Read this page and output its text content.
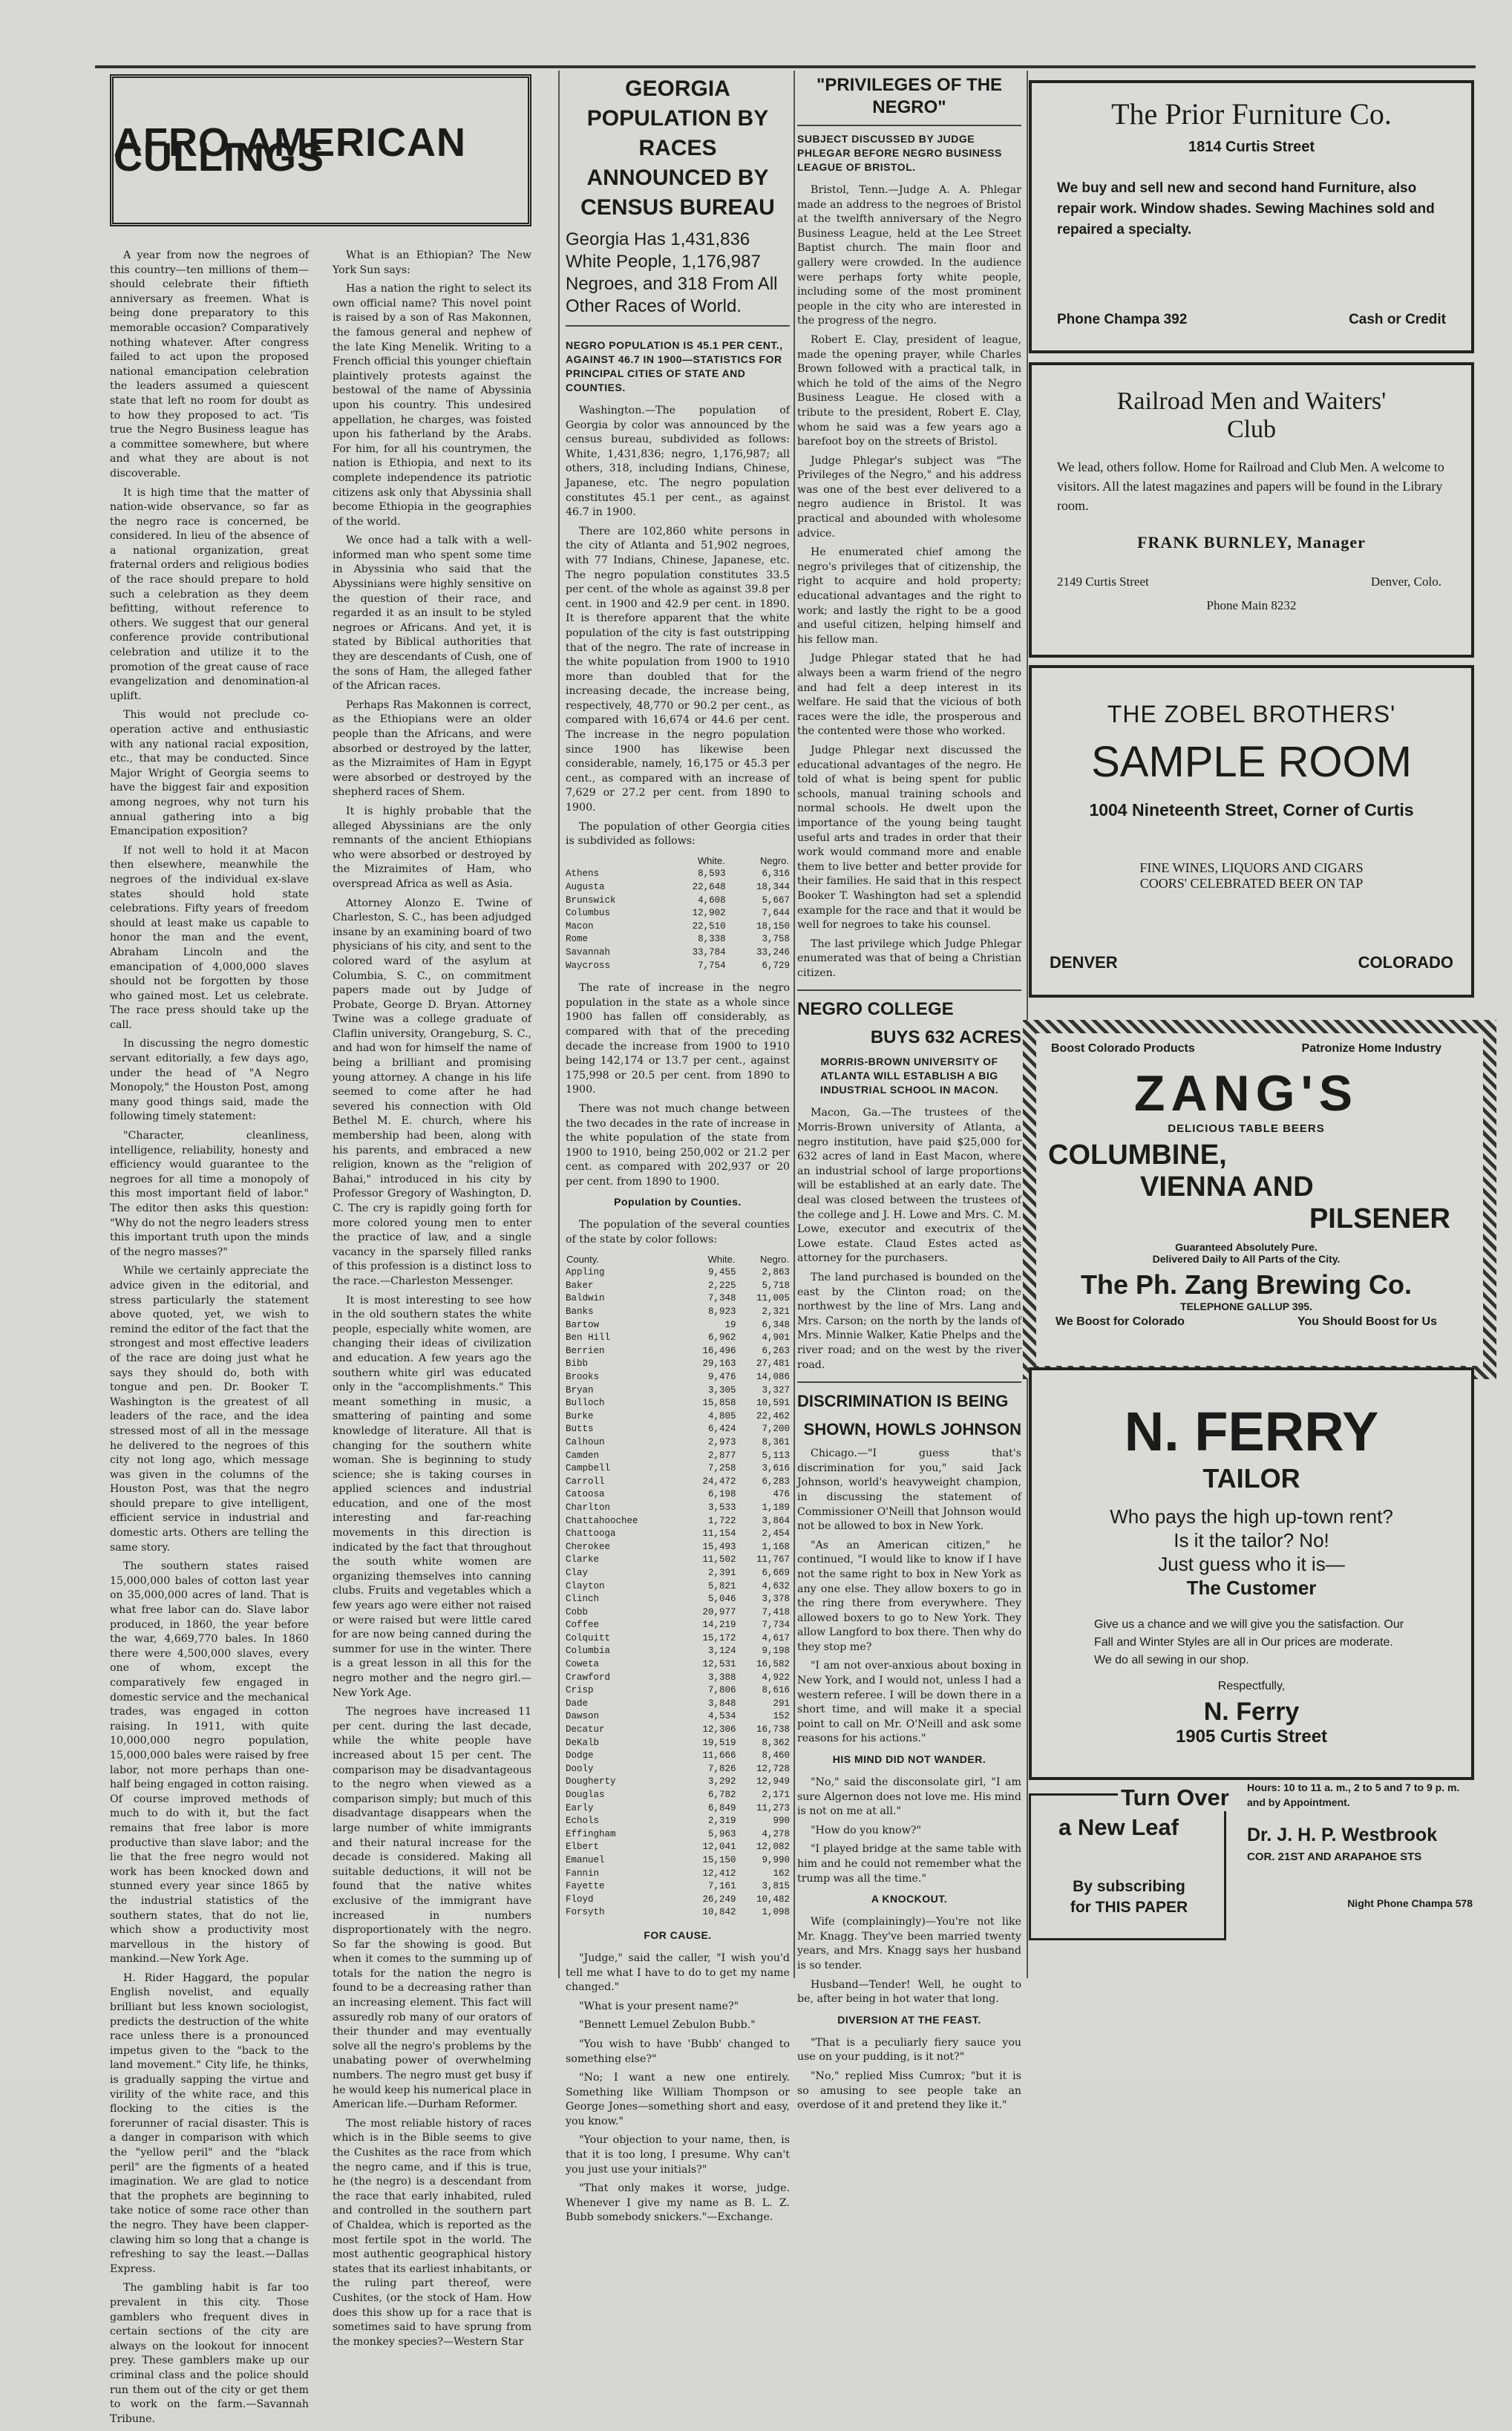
AFRO-AMERICAN CULLINGS

A year from now the negroes of this country—ten millions of them—should celebrate their fiftieth anniversary as freemen. What is being done preparatory to this memorable occasion? Comparatively nothing whatever. After congress failed to act upon the proposed national emancipation celebration the leaders assumed a quiescent state that left no room for doubt as to how they proposed to act. 'Tis true the Negro Business league has a committee somewhere, but where and what they are about is not discoverable.

It is high time that the matter of nation-wide observance, so far as the negro race is concerned, be considered. In lieu of the absence of a national organization, great fraternal orders and religious bodies of the race should prepare to hold such a celebration as they deem befitting, without reference to others. We suggest that our general conference provide contributional celebration and utilize it to the promotion of the great cause of race evangelization and denomination-al uplift.

This would not preclude co-operation active and enthusiastic with any national racial exposition, etc., that may be conducted. Since Major Wright of Georgia seems to have the biggest fair and exposition among negroes, why not turn his annual gathering into a big Emancipation exposition?

If not well to hold it at Macon then elsewhere, meanwhile the negroes of the individual ex-slave states should hold state celebrations. Fifty years of freedom should at least make us capable to honor the man and the event, Abraham Lincoln and the emancipation of 4,000,000 slaves should not be forgotten by those who gained most. Let us celebrate. The race press should take up the call.

In discussing the negro domestic servant editorially, a few days ago, under the head of "A Negro Monopoly," the Houston Post, among many good things said, made the following timely statement:

"Character, cleanliness, intelligence, reliability, honesty and efficiency would guarantee to the negroes for all time a monopoly of this most important field of labor." The editor then asks this question: "Why do not the negro leaders stress this important truth upon the minds of the negro masses?"

While we certainly appreciate the advice given in the editorial, and stress particularly the statement above quoted, yet, we wish to remind the editor of the fact that the strongest and most effective leaders of the race are doing just what he says they should do, both with tongue and pen. Dr. Booker T. Washington is the greatest of all leaders of the race, and the idea stressed most of all in the message he delivered to the negroes of this city not long ago, which message was given in the columns of the Houston Post, was that the negro should prepare to give intelligent, efficient service in industrial and domestic arts. Others are telling the same story.

The southern states raised 15,000,000 bales of cotton last year on 35,000,000 acres of land. That is what free labor can do. Slave labor produced, in 1860, the year before the war, 4,669,770 bales. In 1860 there were 4,500,000 slaves, every one of whom, except the comparatively few engaged in domestic service and the mechanical trades, was engaged in cotton raising. In 1911, with quite 10,000,000 negro population, 15,000,000 bales were raised by free labor, not more perhaps than one-half being engaged in cotton raising. Of course improved methods of much to do with it, but the fact remains that free labor is more productive than slave labor; and the lie that the free negro would not work has been knocked down and stunned every year since 1865 by the industrial statistics of the southern states, that do not lie, which show a productivity most marvellous in the history of mankind.—New York Age.

H. Rider Haggard, the popular English novelist, and equally brilliant but less known sociologist, predicts the destruction of the white race unless there is a pronounced impetus given to the "back to the land movement." City life, he thinks, is gradually sapping the virtue and virility of the white race, and this flocking to the cities is the forerunner of racial disaster. This is a danger in comparison with which the "yellow peril" and the "black peril" are the figments of a heated imagination. We are glad to notice that the prophets are beginning to take notice of some race other than the negro. They have been clapper-clawing him so long that a change is refreshing to say the least.—Dallas Express.

The gambling habit is far too prevalent in this city. Those gamblers who frequent dives in certain sections of the city are always on the lookout for innocent prey. These gamblers make up our criminal class and the police should run them out of the city or get them to work on the farm.—Savannah Tribune.

What is an Ethiopian? The New York Sun says:

Has a nation the right to select its own official name? This novel point is raised by a son of Ras Makonnen, the famous general and nephew of the late King Menelik. Writing to a French official this younger chieftain plaintively protests against the bestowal of the name of Abyssinia upon his country. This undesired appellation, he charges, was foisted upon his fatherland by the Arabs. For him, for all his countrymen, the nation is Ethiopia, and next to its complete independence its patriotic citizens ask only that Abyssinia shall become Ethiopia in the geographies of the world.

We once had a talk with a well-informed man who spent some time in Abyssinia who said that the Abyssinians were highly sensitive on the question of their race, and regarded it as an insult to be styled negroes or Africans. And yet, it is stated by Biblical authorities that they are descendants of Cush, one of the sons of Ham, the alleged father of the African races.

Perhaps Ras Makonnen is correct, as the Ethiopians were an older people than the Africans, and were absorbed or destroyed by the latter, as the Mizraimites of Ham in Egypt were absorbed or destroyed by the shepherd races of Shem.

It is highly probable that the alleged Abyssinians are the only remnants of the ancient Ethiopians who were absorbed or destroyed by the Mizraimites of Ham, who overspread Africa as well as Asia.

Attorney Alonzo E. Twine of Charleston, S. C., has been adjudged insane by an examining board of two physicians of his city, and sent to the colored ward of the asylum at Columbia, S. C., on commitment papers made out by Judge of Probate, George D. Bryan. Attorney Twine was a college graduate of Claflin university, Orangeburg, S. C., and had won for himself the name of being a brilliant and promising young attorney. A change in his life seemed to come after he had severed his connection with Old Bethel M. E. church, where his membership had been, along with his parents, and embraced a new religion, known as the "religion of Bahai," introduced in his city by Professor Gregory of Washington, D. C. The cry is rapidly going forth for more colored young men to enter the practice of law, and a single vacancy in the sparsely filled ranks of this profession is a distinct loss to the race.—Charleston Messenger.

It is most interesting to see how in the old southern states the white people, especially white women, are changing their ideas of civilization and education. A few years ago the southern white girl was educated only in the "accomplishments." This meant something in music, a smattering of painting and some knowledge of literature. All that is changing for the southern white woman. She is beginning to study science; she is taking courses in applied sciences and industrial education, and one of the most interesting and far-reaching movements in this direction is indicated by the fact that throughout the south white women are organizing themselves into canning clubs. Fruits and vegetables which a few years ago were either not raised or were raised but were little cared for are now being canned during the summer for use in the winter. There is a great lesson in all this for the negro mother and the negro girl.—New York Age.

The negroes have increased 11 per cent. during the last decade, while the white people have increased about 15 per cent. The comparison may be disadvantageous to the negro when viewed as a comparison simply; but much of this disadvantage disappears when the large number of white immigrants and their natural increase for the decade is considered. Making all suitable deductions, it will not be found that the native whites exclusive of the immigrant have increased in numbers disproportionately with the negro. So far the showing is good. But when it comes to the summing up of totals for the nation the negro is found to be a decreasing rather than an increasing element. This fact will assuredly rob many of our orators of their thunder and may eventually solve all the negro's problems by the unabating power of overwhelming numbers. The negro must get busy if he would keep his numerical place in American life.—Durham Reformer.

The most reliable history of races which is in the Bible seems to give the Cushites as the race from which the negro came, and if this is true, he (the negro) is a descendant from the race that early inhabited, ruled and controlled in the southern part of Chaldea, which is reported as the most fertile spot in the world. The most authentic geographical history states that its earliest inhabitants, or the ruling part thereof, were Cushites, (or the stock of Ham. How does this show up for a race that is sometimes said to have sprung from the monkey species?—Western Star

GEORGIA POPULATION BY RACES ANNOUNCED BY CENSUS BUREAU
Georgia Has 1,431,836 White People, 1,176,987 Negroes, and 318 From All Other Races of World.
NEGRO POPULATION IS 45.1 PER CENT., AGAINST 46.7 IN 1900—STATISTICS FOR PRINCIPAL CITIES OF STATE AND COUNTIES.

Washington.—The population of Georgia by color was announced by the census bureau, subdivided as follows: White, 1,431,836; negro, 1,176,987; all others, 318, including Indians, Chinese, Japanese, etc. The negro population constitutes 45.1 per cent., as against 46.7 in 1900.

There are 102,860 white persons in the city of Atlanta and 51,902 negroes, with 77 Indians, Chinese, Japanese, etc. The negro population constitutes 33.5 per cent. of the whole as against 39.8 per cent. in 1900 and 42.9 per cent. in 1890. It is therefore apparent that the white population of the city is fast outstripping that of the negro. The rate of increase in the white population from 1900 to 1910 more than doubled that for the increasing decade, the increase being, respectively, 48,770 or 90.2 per cent., as compared with 16,674 or 44.6 per cent. The increase in the negro population since 1900 has likewise been considerable, namely, 16,175 or 45.3 per cent., as compared with an increase of 7,629 or 27.2 per cent. from 1890 to 1900.

The population of other Georgia cities is subdivided as follows:

	White.	Negro.
Athens	8,593	6,316
Augusta	22,648	18,344
Brunswick	4,608	5,667
Columbus	12,902	7,644
Macon	22,510	18,150
Rome	8,338	3,758
Savannah	33,784	33,246
Waycross	7,754	6,729

The rate of increase in the negro population in the state as a whole since 1900 has fallen off considerably, as compared with that of the preceding decade the increase from 1900 to 1910 being 142,174 or 13.7 per cent., against 175,998 or 20.5 per cent. from 1890 to 1900.

There was not much change between the two decades in the rate of increase in the white population of the state from 1900 to 1910, being 250,002 or 21.2 per cent. as compared with 202,937 or 20 per cent. from 1890 to 1900.

Population by Counties.

The population of the several counties of the state by color follows:

County.	White.	Negro.
Appling	9,455	2,863
Baker	2,225	5,718
Baldwin	7,348	11,005
Banks	8,923	2,321
Bartow	19	6,348
Ben Hill	6,962	4,901
Berrien	16,496	6,263
Bibb	29,163	27,481
Brooks	9,476	14,086
Bryan	3,305	3,327
Bulloch	15,858	10,591
Burke	4,805	22,462
Butts	6,424	7,200
Calhoun	2,973	8,361
Camden	2,877	5,113
Campbell	7,258	3,616
Carroll	24,472	6,283
Catoosa	6,198	476
Charlton	3,533	1,189
Chattahoochee	1,722	3,864
Chattooga	11,154	2,454
Cherokee	15,493	1,168
Clarke	11,502	11,767
Clay	2,391	6,669
Clayton	5,821	4,632
Clinch	5,046	3,378
Cobb	20,977	7,418
Coffee	14,219	7,734
Colquitt	15,172	4,617
Columbia	3,124	9,198
Coweta	12,531	16,582
Crawford	3,388	4,922
Crisp	7,806	8,616
Dade	3,848	291
Dawson	4,534	152
Decatur	12,306	16,738
DeKalb	19,519	8,362
Dodge	11,666	8,460
Dooly	7,826	12,728
Dougherty	3,292	12,949
Douglas	6,782	2,171
Early	6,849	11,273
Echols	2,319	990
Effingham	5,963	4,278
Elbert	12,041	12,082
Emanuel	15,150	9,990
Fannin	12,412	162
Fayette	7,161	3,815
Floyd	26,249	10,482
Forsyth	10,842	1,098
FOR CAUSE.

"Judge," said the caller, "I wish you'd tell me what I have to do to get my name changed."

"What is your present name?"

"Bennett Lemuel Zebulon Bubb."

"You wish to have 'Bubb' changed to something else?"

"No; I want a new one entirely. Something like William Thompson or George Jones—something short and easy, you know."

"Your objection to your name, then, is that it is too long, I presume. Why can't you just use your initials?"

"That only makes it worse, judge. Whenever I give my name as B. L. Z. Bubb somebody snickers."—Exchange.

"PRIVILEGES OF THE NEGRO"
SUBJECT DISCUSSED BY JUDGE PHLEGAR BEFORE NEGRO BUSINESS LEAGUE OF BRISTOL.

Bristol, Tenn.—Judge A. A. Phlegar made an address to the negroes of Bristol at the twelfth anniversary of the Negro Business League, held at the Lee Street Baptist church. The main floor and gallery were crowded. In the audience were perhaps forty white people, including some of the most prominent people in the city who are interested in the progress of the negro.

Robert E. Clay, president of league, made the opening prayer, while Charles Brown followed with a practical talk, in which he told of the aims of the Negro Business League. He closed with a tribute to the president, Robert E. Clay, whom he said was a few years ago a barefoot boy on the streets of Bristol.

Judge Phlegar's subject was "The Privileges of the Negro," and his address was one of the best ever delivered to a negro audience in Bristol. It was practical and abounded with wholesome advice.

He enumerated chief among the negro's privileges that of citizenship, the right to acquire and hold property; educational advantages and the right to work; and lastly the right to be a good and useful citizen, helping himself and his fellow man.

Judge Phlegar stated that he had always been a warm friend of the negro and had felt a deep interest in its welfare. He said that the vicious of both races were the idle, the prosperous and the contented were those who worked.

Judge Phlegar next discussed the educational advantages of the negro. He told of what is being spent for public schools, manual training schools and normal schools. He dwelt upon the importance of the young being taught useful arts and trades in order that their work would command more and enable them to live better and better provide for their families. He said that in this respect Booker T. Washington had set a splendid example for the race and that it would be well for negroes to take his counsel.

The last privilege which Judge Phlegar enumerated was that of being a Christian citizen.

NEGRO COLLEGE
BUYS 632 ACRES
MORRIS-BROWN UNIVERSITY OF ATLANTA WILL ESTABLISH A BIG INDUSTRIAL SCHOOL IN MACON.

Macon, Ga.—The trustees of the Morris-Brown university of Atlanta, a negro institution, have paid $25,000 for 632 acres of land in East Macon, where an industrial school of large proportions will be established at an early date. The deal was closed between the trustees of the college and J. H. Lowe and Mrs. C. M. Lowe, executor and executrix of the Lowe estate. Claud Estes acted as attorney for the purchasers.

The land purchased is bounded on the east by the Clinton road; on the northwest by the line of Mrs. Lang and Mrs. Carson; on the north by the lands of Mrs. Minnie Walker, Katie Phelps and the river road; and on the west by the river road.

DISCRIMINATION IS BEING
SHOWN, HOWLS JOHNSON

Chicago.—"I guess that's discrimination for you," said Jack Johnson, world's heavyweight champion, in discussing the statement of Commissioner O'Neill that Johnson would not be allowed to box in New York.

"As an American citizen," he continued, "I would like to know if I have not the same right to box in New York as any one else. They allow boxers to go in the ring there from everywhere. They allowed boxers to go to New York. They allow Langford to box there. Then why do they stop me?

"I am not over-anxious about boxing in New York, and I would not, unless I had a western referee. I will be down there in a short time, and will make it a special point to call on Mr. O'Neill and ask some reasons for his actions."

HIS MIND DID NOT WANDER.

"No," said the disconsolate girl, "I am sure Algernon does not love me. His mind is not on me at all."

"How do you know?"

"I played bridge at the same table with him and he could not remember what the trump was all the time."

A KNOCKOUT.

Wife (complainingly)—You're not like Mr. Knagg. They've been married twenty years, and Mrs. Knagg says her husband is so tender.

Husband—Tender! Well, he ought to be, after being in hot water that long.

DIVERSION AT THE FEAST.

"That is a peculiarly fiery sauce you use on your pudding, is it not?"

"No," replied Miss Cumrox; "but it is so amusing to see people take an overdose of it and pretend they like it."

The Prior Furniture Co.
1814 Curtis Street
We buy and sell new and second hand Furniture, also repair work. Window shades. Sewing Machines sold and repaired a specialty.
Phone Champa 392	Cash or Credit
Railroad Men and Waiters'
Club
We lead, others follow. Home for Railroad and Club Men. A welcome to visitors. All the latest magazines and papers will be found in the Library room.
FRANK BURNLEY, Manager
2149 Curtis Street	Denver, Colo.
Phone Main 8232
THE ZOBEL BROTHERS'
SAMPLE ROOM
1004 Nineteenth Street, Corner of Curtis
FINE WINES, LIQUORS AND CIGARS
COORS' CELEBRATED BEER ON TAP
DENVER	COLORADO
Boost Colorado Products	Patronize Home Industry
ZANG'S
DELICIOUS TABLE BEERS
COLUMBINE,
VIENNA AND
PILSENER
Guaranteed Absolutely Pure.
Delivered Daily to All Parts of the City.
The Ph. Zang Brewing Co.
TELEPHONE GALLUP 395.
We Boost for Colorado	You Should Boost for Us
N. FERRY
TAILOR
Who pays the high up-town rent?
Is it the tailor? No!
Just guess who it is—
The Customer
Give us a chance and we will give you the satisfaction. Our Fall and Winter Styles are all in Our prices are moderate. We do all sewing in our shop.
Respectfully,
N. Ferry
1905 Curtis Street
Turn Over
a New Leaf
By subscribing
for THIS PAPER
Hours: 10 to 11 a. m., 2 to 5 and 7 to 9 p. m. and by Appointment.
Dr. J. H. P. Westbrook
COR. 21ST AND ARAPAHOE STS
Night Phone Champa 578
